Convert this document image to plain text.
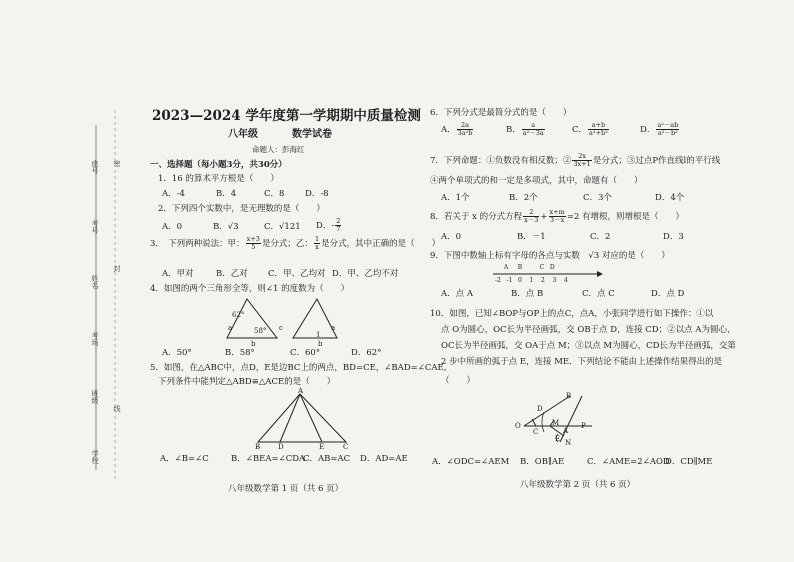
座号
考号
姓名
考场
班级
学校
密
封
线
2023—2024 学年度第一学期期中质量检测
八年级	数学试卷
命题人：彭海红
一、选择题（每小题3分，共30分）
1．16 的算术平方根是（　　）
A．-4	B．4	C．8 D．-8
2．下列四个实数中，是无理数的是（　　）
A．0	B．√3	C．√121 D．- $\frac{2}{7}$
3．　下列两种说法：甲： $\frac{x+3}{5}$ 是分式；乙： $\frac{1}{x}$ 是分式，其中正确的是（　　）
A．甲对	B．乙对 C．甲、乙均对 D．甲、乙均不对
4．如图的两个三角形全等，则∠1 的度数为（　　）
62°
58°
a
b
c	a
1
b
A．50°	B．58°	C．60°	D．62°
5．如图，在△ABC中，点D，E是边BC上的两点，BD=CE，∠BAD=∠CAE,
下列条件中能判定△ABD≌△ACE的是（　　）
A
B	D	E	C
A．∠B=∠C	B．∠BEA=∠CDA
C．AB=AC D．AD=AE
八年级数学第 1 页（共 6 页）
6．下列分式是最简分式的是（　　）
A． $\frac{2a}{\text{3a²b}}$	B． $\frac{a}{\text{a²－3a}}$	C． $\frac{a+b}{\text{a²+b²}}$	D． $\frac{\text{a²－ab}}{\text{a²－b²}}$
7．下列命题：①负数没有相反数；② $\frac{2x}{3x+1}$ 是分式；③过点P作直线l的平行线
④两个单项式的和一定是多项式，其中，命题有（　　）
A．1个	B．2个	C．3个	D．4个
8．若关于 x 的分式方程 $\frac{2}{x-3} + \frac{x+m}{3-x} =2$ 有增根，则增根是（　　）
A．0	B．－1	C．2	D．3
9．下图中数轴上标有字母的各点与实数　√3 对应的是（　　）
-2 -1 0 1 2 3 4
A B	C D
A．点 A	B．点 B	C．点 C	D．点 D
10．如图，已知∠BOP与OP上的点C，点A，小张同学进行如下操作：①以
点 O为圆心，OC长为半径画弧，交 OB于点 D，连接 CD；②以点 A为圆心，
OC长为半径画弧，交 OA于点 M；③以点 M为圆心，CD长为半径画弧，交第
2 步中所画的弧于点 E，连接 ME．下列结论不能由上述操作结果得出的是
（　　）
B
D
O
C
M
A
P
E N
A．∠ODC=∠AEM B．OB∥AE	C．∠AME=2∠AOD
D．CD∥ME
八年级数学第 2 页（共 6 页）
